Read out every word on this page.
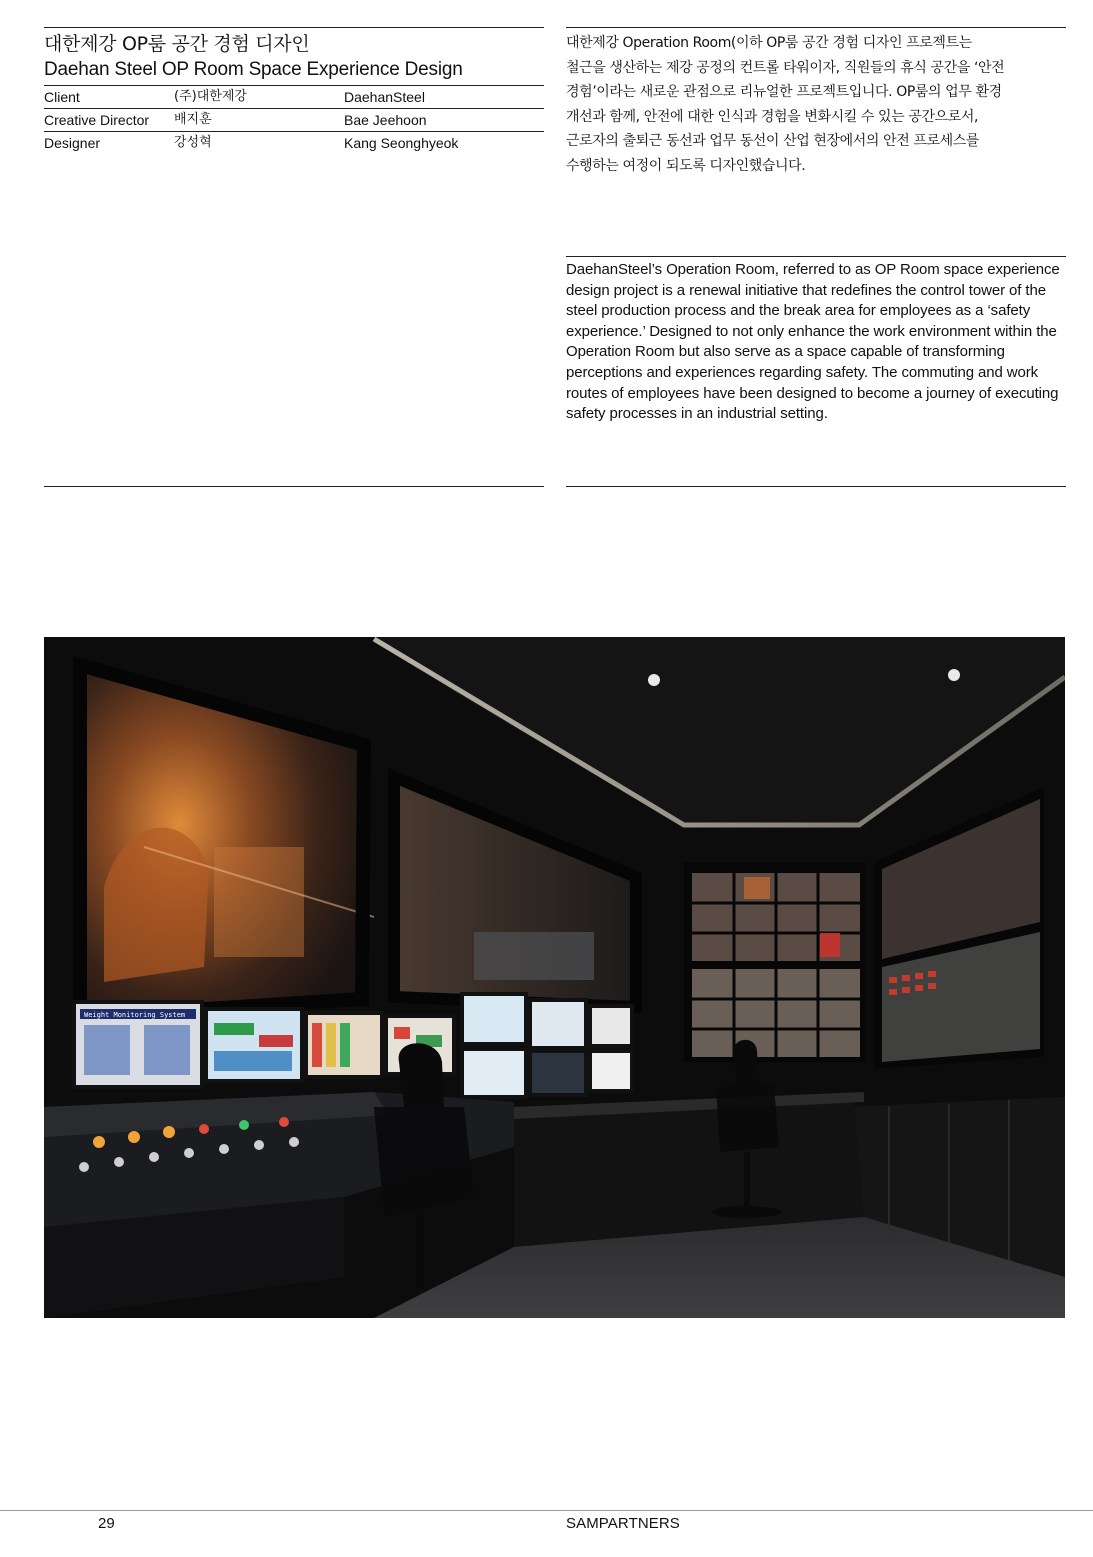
대한제강 OP룸 공간 경험 디자인
Daehan Steel OP Room Space Experience Design
Client	(주)대한제강	DaehanSteel
Creative Director 배지훈	Bae Jeehoon
Designer	강성혁	Kang Seonghyeok
대한제강 Operation Room(이하 OP룸 공간 경험 디자인 프로젝트는
철근을 생산하는 제강 공정의 컨트롤 타워이자, 직원들의 휴식 공간을 ‘안전
경험’이라는 새로운 관점으로 리뉴얼한 프로젝트입니다. OP룸의 업무 환경
개선과 함께, 안전에 대한 인식과 경험을 변화시킬 수 있는 공간으로서,
근로자의 출퇴근 동선과 업무 동선이 산업 현장에서의 안전 프로세스를
수행하는 여정이 되도록 디자인했습니다.

DaehanSteel’s Operation Room, referred to as OP Room space experience design project is a renewal initiative that redefines the control tower of the steel production process and the break area for employees as a ‘safety experience.’ Designed to not only enhance the work environment within the Operation Room but also serve as a space capable of transforming perceptions and experiences regarding safety. The commuting and work routes of employees have been designed to become a journey of executing safety processes in an industrial setting.

Weight Monitoring System
29	SAMPARTNERS
